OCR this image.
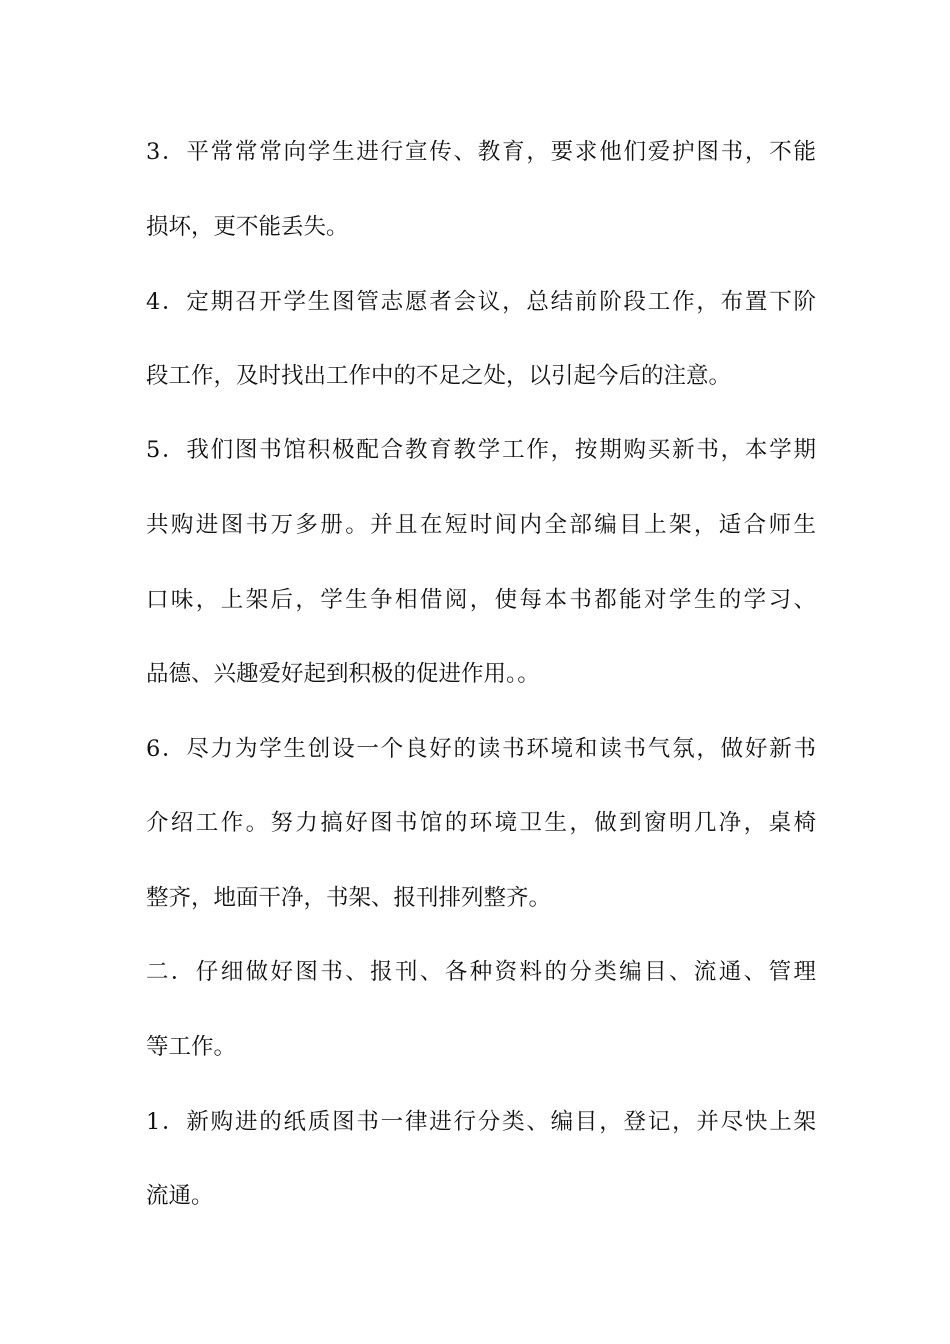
3．平常常常向学生进行宣传、教育，要求他们爱护图书，不能
损坏，更不能丢失。
4．定期召开学生图管志愿者会议，总结前阶段工作，布置下阶
段工作，及时找出工作中的不足之处，以引起今后的注意。
5．我们图书馆积极配合教育教学工作，按期购买新书，本学期
共购进图书万多册。并且在短时间内全部编目上架，适合师生
口味，上架后，学生争相借阅，使每本书都能对学生的学习、
品德、兴趣爱好起到积极的促进作用。。
6．尽力为学生创设一个良好的读书环境和读书气氛，做好新书
介绍工作。努力搞好图书馆的环境卫生，做到窗明几净，桌椅
整齐，地面干净，书架、报刊排列整齐。
二．仔细做好图书、报刊、各种资料的分类编目、流通、管理
等工作。
1．新购进的纸质图书一律进行分类、编目，登记，并尽快上架
流通。
